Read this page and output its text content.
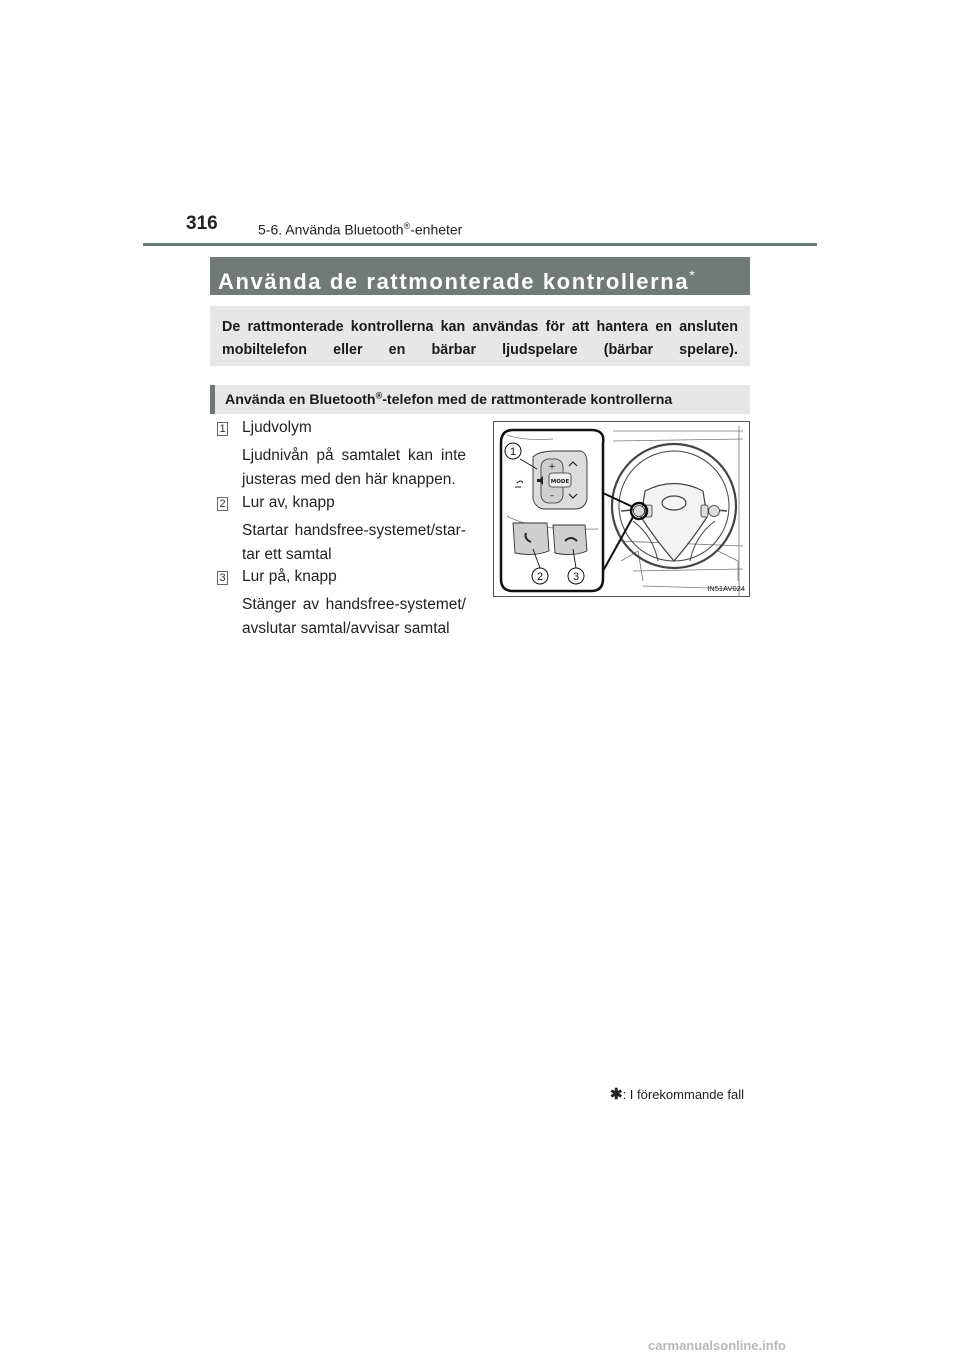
316	5-6. Använda Bluetooth®-enheter
Använda de rattmonterade kontrollerna*
De rattmonterade kontrollerna kan användas för att hantera en ansluten mobiltelefon eller en bärbar ljudspelare (bärbar spelare).
Använda en Bluetooth®-telefon med de rattmonterade kontrollerna
1 Ljudvolym
Ljudnivån på samtalet kan inte
justeras med den här knappen.
2 Lur av, knapp
Startar handsfree-systemet/star-
tar ett samtal
3 Lur på, knapp
Stänger av handsfree-systemet/
avslutar samtal/avvisar samtal
+
–
MODE
1
2	3
IN51AV024
✱: I förekommande fall
carmanualsonline.info
